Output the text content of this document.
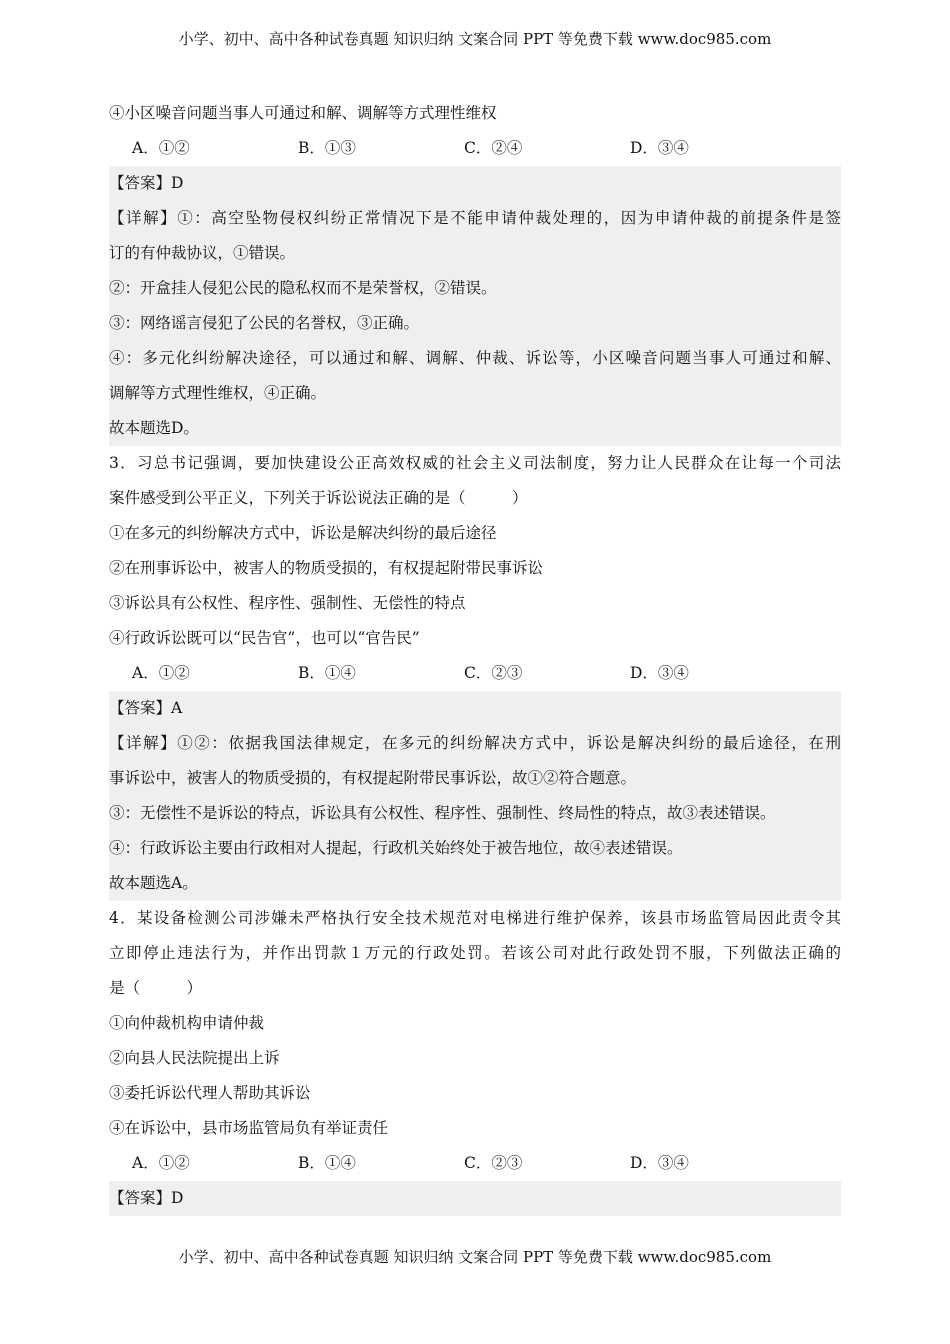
小学、初中、高中各种试卷真题 知识归纳 文案合同 PPT 等免费下载 www.doc985.com
④小区噪音问题当事人可通过和解、调解等方式理性维权
A．①②	B．①③	C．②④	D．③④
【答案】D
【详解】①：高空坠物侵权纠纷正常情况下是不能申请仲裁处理的，因为申请仲裁的前提条件是签
订的有仲裁协议，①错误。
②：开盒挂人侵犯公民的隐私权而不是荣誉权，②错误。
③：网络谣言侵犯了公民的名誉权，③正确。
④：多元化纠纷解决途径，可以通过和解、调解、仲裁、诉讼等，小区噪音问题当事人可通过和解、
调解等方式理性维权，④正确。
故本题选D。
3．习总书记强调，要加快建设公正高效权威的社会主义司法制度，努力让人民群众在让每一个司法
案件感受到公平正义，下列关于诉讼说法正确的是（　　　）
①在多元的纠纷解决方式中，诉讼是解决纠纷的最后途径
②在刑事诉讼中，被害人的物质受损的，有权提起附带民事诉讼
③诉讼具有公权性、程序性、强制性、无偿性的特点
④行政诉讼既可以“民告官”，也可以“官告民”
A．①②	B．①④	C．②③	D．③④
【答案】A
【详解】①②：依据我国法律规定，在多元的纠纷解决方式中，诉讼是解决纠纷的最后途径，在刑
事诉讼中，被害人的物质受损的，有权提起附带民事诉讼，故①②符合题意。
③：无偿性不是诉讼的特点，诉讼具有公权性、程序性、强制性、终局性的特点，故③表述错误。
④：行政诉讼主要由行政相对人提起，行政机关始终处于被告地位，故④表述错误。
故本题选A。
4．某设备检测公司涉嫌未严格执行安全技术规范对电梯进行维护保养，该县市场监管局因此责令其
立即停止违法行为，并作出罚款１万元的行政处罚。若该公司对此行政处罚不服，下列做法正确的
是（　　　）
①向仲裁机构申请仲裁
②向县人民法院提出上诉
③委托诉讼代理人帮助其诉讼
④在诉讼中，县市场监管局负有举证责任
A．①②	B．①④	C．②③	D．③④
【答案】D
小学、初中、高中各种试卷真题 知识归纳 文案合同 PPT 等免费下载 www.doc985.com
